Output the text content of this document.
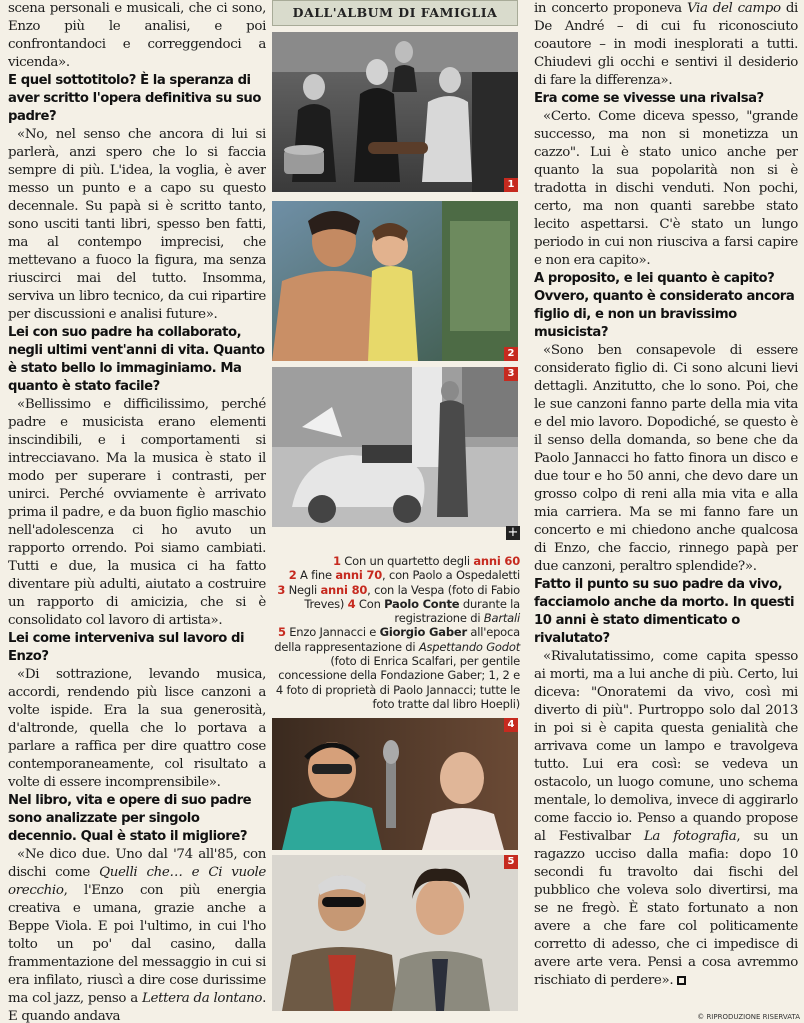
scena personali e musicali, che ci sono, Enzo più le analisi, e poi confrontandoci e correggendoci a vicenda».

E quel sottotitolo? È la speranza di aver scritto l'opera definitiva su suo padre?

«No, nel senso che ancora di lui si parlerà, anzi spero che lo si faccia sempre di più. L'idea, la voglia, è aver messo un punto e a capo su questo decennale. Su papà si è scritto tanto, sono usciti tanti libri, spesso ben fatti, ma al contempo imprecisi, che mettevano a fuoco la figura, ma senza riuscirci mai del tutto. Insomma, serviva un libro tecnico, da cui ripartire per discussioni e analisi future».

Lei con suo padre ha collaborato, negli ultimi vent'anni di vita. Quanto è stato bello lo immaginiamo. Ma quanto è stato facile?

«Bellissimo e difficilissimo, perché padre e musicista erano elementi inscindibili, e i comportamenti si intrecciavano. Ma la musica è stato il modo per superare i contrasti, per unirci. Perché ovviamente è arrivato prima il padre, e da buon figlio maschio nell'adolescenza ci ho avuto un rapporto orrendo. Poi siamo cambiati. Tutti e due, la musica ci ha fatto diventare più adulti, aiutato a costruire un rapporto di amicizia, che si è consolidato col lavoro di artista».

Lei come interveniva sul lavoro di Enzo?

«Di sottrazione, levando musica, accordi, rendendo più lisce canzoni a volte ispide. Era la sua generosità, d'altronde, quella che lo portava a parlare a raffica per dire quattro cose contemporaneamente, col risultato a volte di essere incomprensibile».

Nel libro, vita e opere di suo padre sono analizzate per singolo decennio. Qual è stato il migliore?

«Ne dico due. Uno dal '74 all'85, con dischi come Quelli che… e Ci vuole orecchio, l'Enzo con più energia creativa e umana, grazie anche a Beppe Viola. E poi l'ultimo, in cui l'ho tolto un po' dal casino, dalla frammentazione del messaggio in cui si era infilato, riuscì a dire cose durissime ma col jazz, penso a Lettera da lontano. E quando andava

DALL'ALBUM DI FAMIGLIA
1
2
3
+

1 Con un quartetto degli anni 60

2 A fine anni 70, con Paolo a Ospedaletti

3 Negli anni 80, con la Vespa (foto di Fabio Treves) 4 Con Paolo Conte durante la registrazione di Bartali

5 Enzo Jannacci e Giorgio Gaber all'epoca della rappresentazione di Aspettando Godot (foto di Enrica Scalfari, per gentile concessione della Fondazione Gaber; 1, 2 e 4 foto di proprietà di Paolo Jannacci; tutte le foto tratte dal libro Hoepli)

4
5

in concerto proponeva Via del campo di De André – di cui fu riconosciuto coautore – in modi inesplorati a tutti. Chiudevi gli occhi e sentivi il desiderio di fare la differenza».

Era come se vivesse una rivalsa?

«Certo. Come diceva spesso, "grande successo, ma non si monetizza un cazzo". Lui è stato unico anche per quanto la sua popolarità non si è tradotta in dischi venduti. Non pochi, certo, ma non quanti sarebbe stato lecito aspettarsi. C'è stato un lungo periodo in cui non riusciva a farsi capire e non era capito».

A proposito, e lei quanto è capito? Ovvero, quanto è considerato ancora figlio di, e non un bravissimo musicista?

«Sono ben consapevole di essere considerato figlio di. Ci sono alcuni lievi dettagli. Anzitutto, che lo sono. Poi, che le sue canzoni fanno parte della mia vita e del mio lavoro. Dopodiché, se questo è il senso della domanda, so bene che da Paolo Jannacci ho fatto finora un disco e due tour e ho 50 anni, che devo dare un grosso colpo di reni alla mia vita e alla mia carriera. Ma se mi fanno fare un concerto e mi chiedono anche qualcosa di Enzo, che faccio, rinnego papà per due canzoni, peraltro splendide?».

Fatto il punto su suo padre da vivo, facciamolo anche da morto. In questi 10 anni è stato dimenticato o rivalutato?

«Rivalutatissimo, come capita spesso ai morti, ma a lui anche di più. Certo, lui diceva: "Onoratemi da vivo, così mi diverto di più". Purtroppo solo dal 2013 in poi si è capita questa genialità che arrivava come un lampo e travolgeva tutto. Lui era così: se vedeva un ostacolo, un luogo comune, uno schema mentale, lo demoliva, invece di aggirarlo come faccio io. Penso a quando propose al Festivalbar La fotografia, su un ragazzo ucciso dalla mafia: dopo 10 secondi fu travolto dai fischi del pubblico che voleva solo divertirsi, ma se ne fregò. È stato fortunato a non avere a che fare col politicamente corretto di adesso, che ci impedisce di avere arte vera. Pensi a cosa avremmo rischiato di perdere».

© RIPRODUZIONE RISERVATA
